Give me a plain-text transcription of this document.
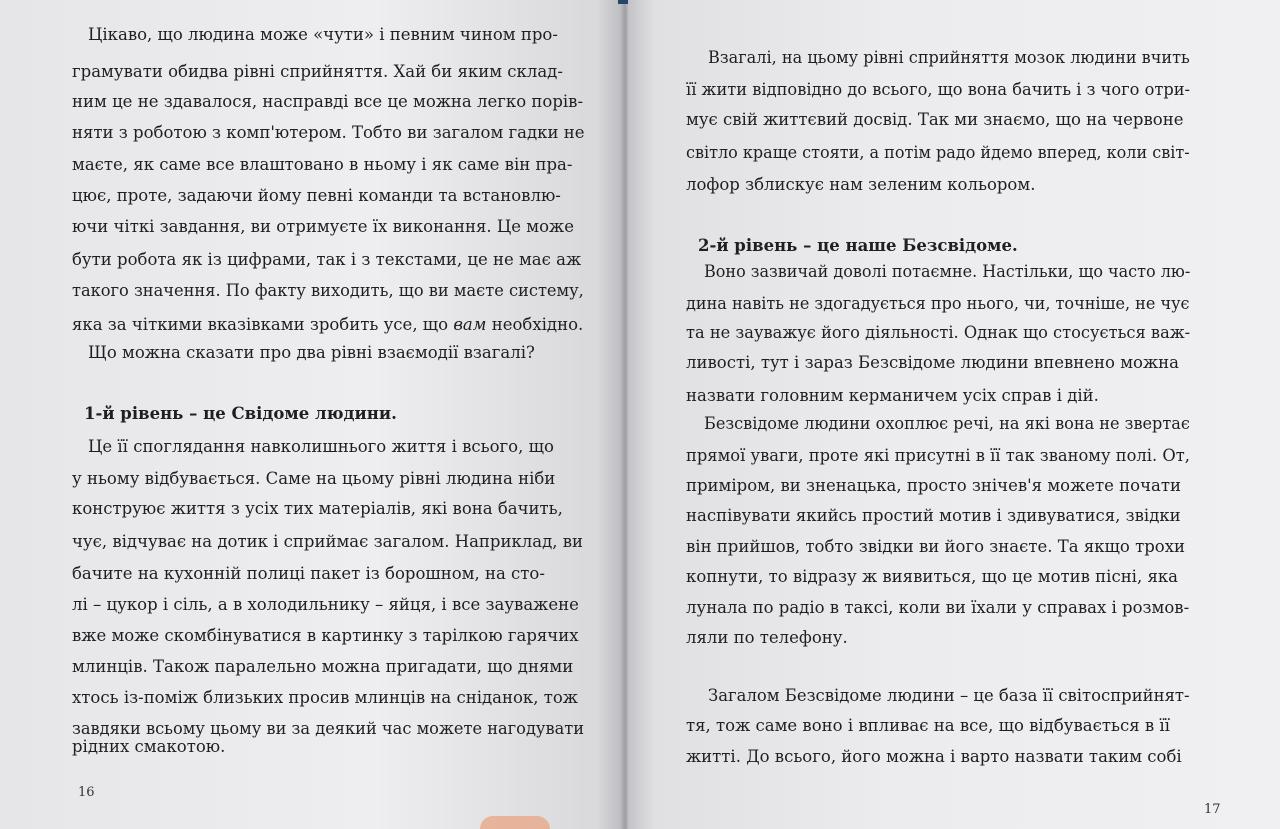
Цікаво, що людина може «чути» і певним чином про-
грамувати обидва рівні сприйняття. Хай би яким склад-
ним це не здавалося, насправді все це можна легко порів-
няти з роботою з комп'ютером. Тобто ви загалом гадки не
маєте, як саме все влаштовано в ньому і як саме він пра-
цює, проте, задаючи йому певні команди та встановлю-
ючи чіткі завдання, ви отримуєте їх виконання. Це може
бути робота як із цифрами, так і з текстами, це не має аж
такого значення. По факту виходить, що ви маєте систему,
яка за чіткими вказівками зробить усе, що вам необхідно.
Що можна сказати про два рівні взаємодії взагалі?
1-й рівень – це Свідоме людини.
Це її споглядання навколишнього життя і всього, що
у ньому відбувається. Саме на цьому рівні людина ніби
конструює життя з усіх тих матеріалів, які вона бачить,
чує, відчуває на дотик і сприймає загалом. Наприклад, ви
бачите на кухонній полиці пакет із борошном, на сто-
лі – цукор і сіль, а в холодильнику – яйця, і все зауважене
вже може скомбінуватися в картинку з тарілкою гарячих
млинців. Також паралельно можна пригадати, що днями
хтось із-поміж близьких просив млинців на сніданок, тож
завдяки всьому цьому ви за деякий час можете нагодувати
рідних смакотою.
16
Взагалі, на цьому рівні сприйняття мозок людини вчить
її жити відповідно до всього, що вона бачить і з чого отри-
мує свій життєвий досвід. Так ми знаємо, що на червоне
світло краще стояти, а потім радо йдемо вперед, коли світ-
лофор зблискує нам зеленим кольором.
2-й рівень – це наше Безсвідоме.
Воно зазвичай доволі потаємне. Настільки, що часто лю-
дина навіть не здогадується про нього, чи, точніше, не чує
та не зауважує його діяльності. Однак що стосується важ-
ливості, тут і зараз Безсвідоме людини впевнено можна
назвати головним керманичем усіх справ і дій.
Безсвідоме людини охоплює речі, на які вона не звертає
прямої уваги, проте які присутні в її так званому полі. От,
приміром, ви зненацька, просто знічев'я можете почати
наспівувати якийсь простий мотив і здивуватися, звідки
він прийшов, тобто звідки ви його знаєте. Та якщо трохи
копнути, то відразу ж виявиться, що це мотив пісні, яка
лунала по радіо в таксі, коли ви їхали у справах і розмов-
ляли по телефону.
Загалом Безсвідоме людини – це база її світосприйнят-
тя, тож саме воно і впливає на все, що відбувається в її
житті. До всього, його можна і варто назвати таким собі
17
